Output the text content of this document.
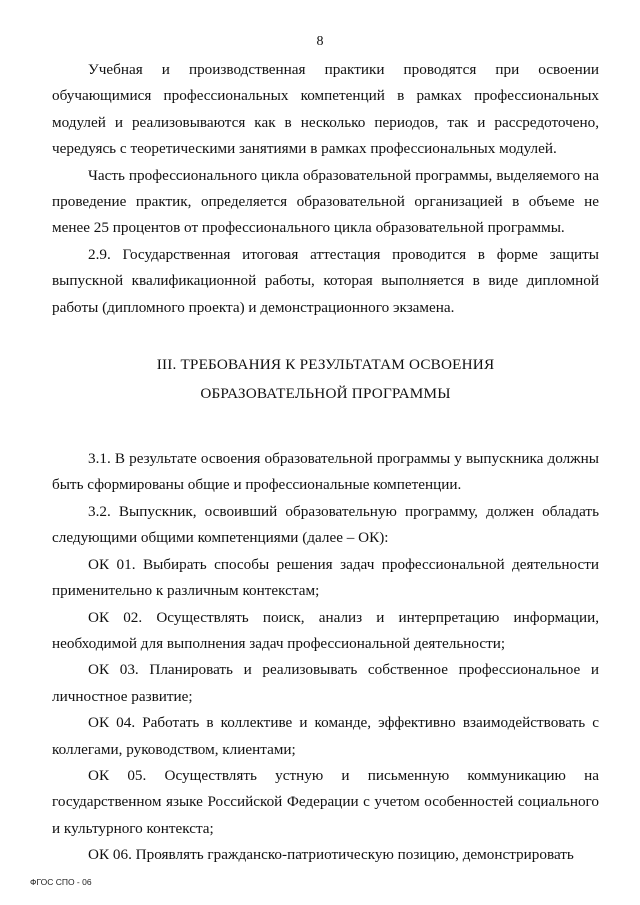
8

Учебная и производственная практики проводятся при освоении обучающимися профессиональных компетенций в рамках профессиональных модулей и реализовываются как в несколько периодов, так и рассредоточено, чередуясь с теоретическими занятиями в рамках профессиональных модулей.

Часть профессионального цикла образовательной программы, выделяемого на проведение практик, определяется образовательной организацией в объеме не менее 25 процентов от профессионального цикла образовательной программы.

2.9. Государственная итоговая аттестация проводится в форме защиты выпускной квалификационной работы, которая выполняется в виде дипломной работы (дипломного проекта) и демонстрационного экзамена.

III. ТРЕБОВАНИЯ К РЕЗУЛЬТАТАМ ОСВОЕНИЯ
ОБРАЗОВАТЕЛЬНОЙ ПРОГРАММЫ

3.1. В результате освоения образовательной программы у выпускника должны быть сформированы общие и профессиональные компетенции.

3.2. Выпускник, освоивший образовательную программу, должен обладать следующими общими компетенциями (далее – ОК):

ОК 01. Выбирать способы решения задач профессиональной деятельности применительно к различным контекстам;

ОК 02. Осуществлять поиск, анализ и интерпретацию информации, необходимой для выполнения задач профессиональной деятельности;

ОК 03. Планировать и реализовывать собственное профессиональное и личностное развитие;

ОК 04. Работать в коллективе и команде, эффективно взаимодействовать с коллегами, руководством, клиентами;

ОК 05. Осуществлять устную и письменную коммуникацию на государственном языке Российской Федерации с учетом особенностей социального и культурного контекста;

ОК 06. Проявлять гражданско-патриотическую позицию, демонстрировать

ФГОС СПО - 06
